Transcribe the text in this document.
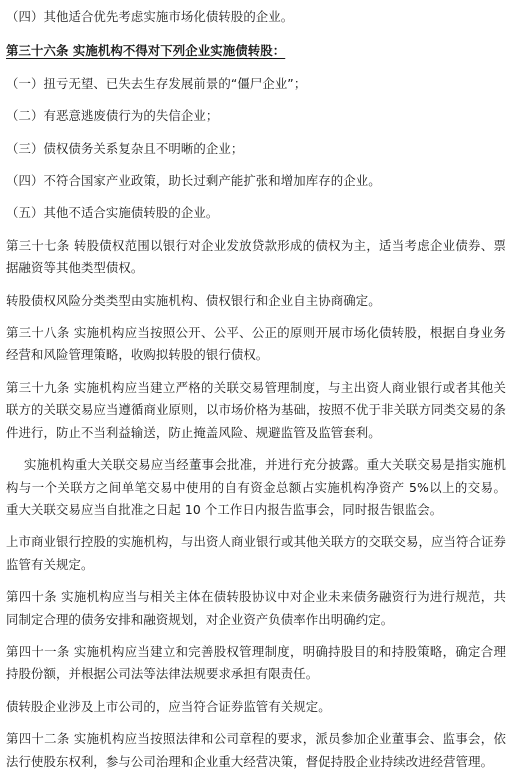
（四）其他适合优先考虑实施市场化债转股的企业。

第三十六条 实施机构不得对下列企业实施债转股：

（一）扭亏无望、已失去生存发展前景的“僵尸企业”；

（二）有恶意逃废债行为的失信企业；

（三）债权债务关系复杂且不明晰的企业；

（四）不符合国家产业政策，助长过剩产能扩张和增加库存的企业。

（五）其他不适合实施债转股的企业。

第三十七条 转股债权范围以银行对企业发放贷款形成的债权为主，适当考虑企业债券、票据融资等其他类型债权。

转股债权风险分类类型由实施机构、债权银行和企业自主协商确定。

第三十八条 实施机构应当按照公开、公平、公正的原则开展市场化债转股，根据自身业务经营和风险管理策略，收购拟转股的银行债权。

第三十九条 实施机构应当建立严格的关联交易管理制度，与主出资人商业银行或者其他关联方的关联交易应当遵循商业原则，以市场价格为基础，按照不优于非关联方同类交易的条件进行，防止不当利益输送，防止掩盖风险、规避监管及监管套利。

实施机构重大关联交易应当经董事会批准，并进行充分披露。重大关联交易是指实施机构与一个关联方之间单笔交易中使用的自有资金总额占实施机构净资产 5%以上的交易。 重大关联交易应当自批准之日起 10 个工作日内报告监事会，同时报告银监会。

上市商业银行控股的实施机构，与出资人商业银行或其他关联方的交联交易，应当符合证券监管有关规定。

第四十条 实施机构应当与相关主体在债转股协议中对企业未来债务融资行为进行规范，共同制定合理的债务安排和融资规划，对企业资产负债率作出明确约定。

第四十一条 实施机构应当建立和完善股权管理制度，明确持股目的和持股策略，确定合理持股份额，并根据公司法等法律法规要求承担有限责任。

债转股企业涉及上市公司的，应当符合证券监管有关规定。

第四十二条 实施机构应当按照法律和公司章程的要求，派员参加企业董事会、监事会，依法行使股东权利，参与公司治理和企业重大经营决策，督促持股企业持续改进经营管理。
